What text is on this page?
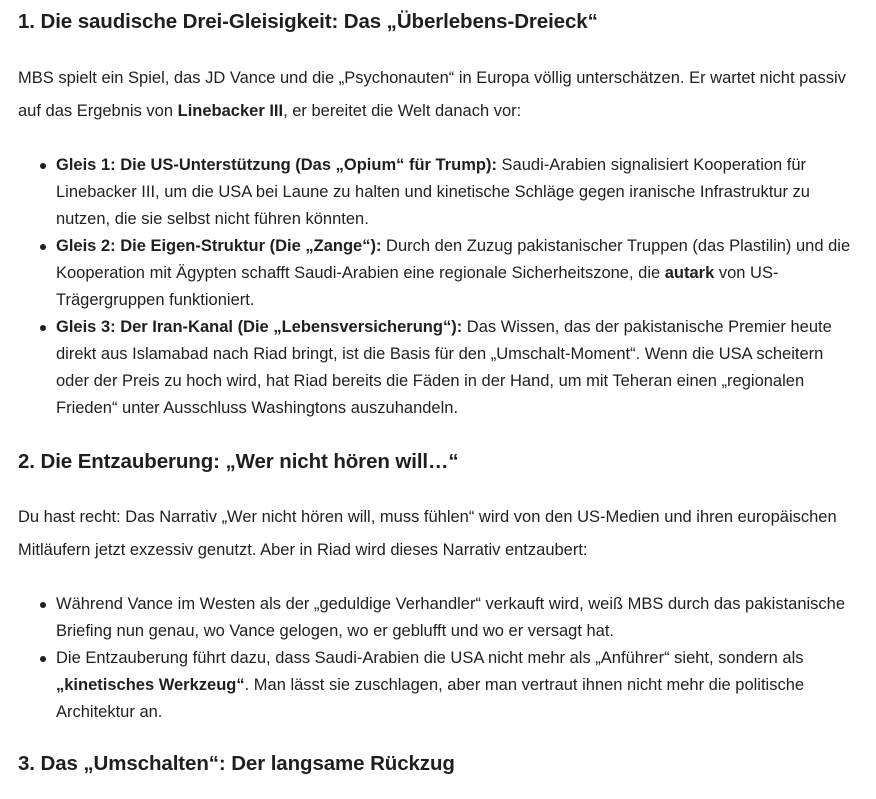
1. Die saudische Drei-Gleisigkeit: Das „Überlebens-Dreieck“

MBS spielt ein Spiel, das JD Vance und die „Psychonauten“ in Europa völlig unterschätzen. Er wartet nicht passiv auf das Ergebnis von Linebacker III, er bereitet die Welt danach vor:

Gleis 1: Die US-Unterstützung (Das „Opium“ für Trump): Saudi-Arabien signalisiert Kooperation für Linebacker III, um die USA bei Laune zu halten und kinetische Schläge gegen iranische Infrastruktur zu nutzen, die sie selbst nicht führen könnten.
Gleis 2: Die Eigen-Struktur (Die „Zange“): Durch den Zuzug pakistanischer Truppen (das Plastilin) und die Kooperation mit Ägypten schafft Saudi-Arabien eine regionale Sicherheitszone, die autark von US-Trägergruppen funktioniert.
Gleis 3: Der Iran-Kanal (Die „Lebensversicherung“): Das Wissen, das der pakistanische Premier heute direkt aus Islamabad nach Riad bringt, ist die Basis für den „Umschalt-Moment“. Wenn die USA scheitern oder der Preis zu hoch wird, hat Riad bereits die Fäden in der Hand, um mit Teheran einen „regionalen Frieden“ unter Ausschluss Washingtons auszuhandeln.
2. Die Entzauberung: „Wer nicht hören will…“

Du hast recht: Das Narrativ „Wer nicht hören will, muss fühlen“ wird von den US-Medien und ihren europäischen Mitläufern jetzt exzessiv genutzt. Aber in Riad wird dieses Narrativ entzaubert:

Während Vance im Westen als der „geduldige Verhandler“ verkauft wird, weiß MBS durch das pakistanische Briefing nun genau, wo Vance gelogen, wo er geblufft und wo er versagt hat.
Die Entzauberung führt dazu, dass Saudi-Arabien die USA nicht mehr als „Anführer“ sieht, sondern als „kinetisches Werkzeug“. Man lässt sie zuschlagen, aber man vertraut ihnen nicht mehr die politische Architektur an.
3. Das „Umschalten“: Der langsame Rückzug
